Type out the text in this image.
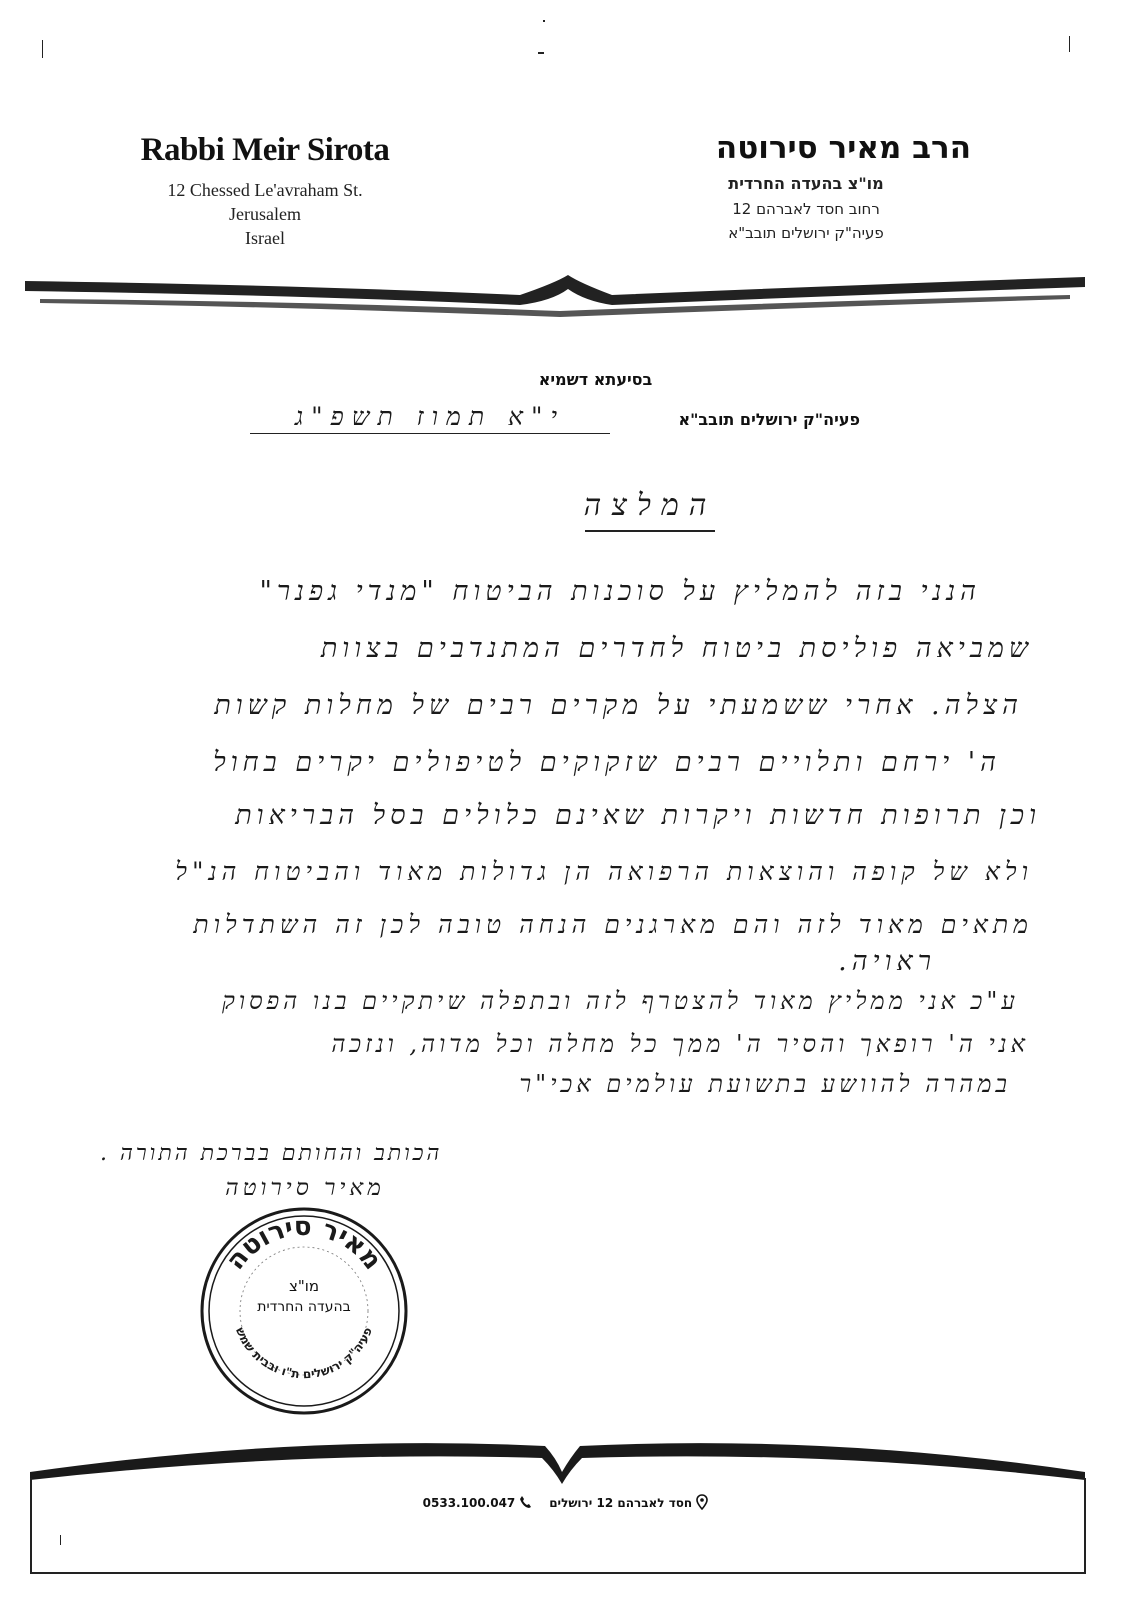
Rabbi Meir Sirota
12 Chessed Le'avraham St.
Jerusalem
Israel
הרב מאיר סירוטה
מו"צ בהעדה החרדית
רחוב חסד לאברהם 12
פעיה"ק ירושלים תובב"א
בסיעתא דשמיא
פעיה"ק ירושלים תובב"א
י"א תמוז תשפ"ג
המלצה
הנני בזה להמליץ על סוכנות הביטוח "מנדי גפנר"
שמביאה פוליסת ביטוח לחדרים המתנדבים בצוות
הצלה. אחרי ששמעתי על מקרים רבים של מחלות קשות
ה' ירחם ותלויים רבים שזקוקים לטיפולים יקרים בחול
וכן תרופות חדשות ויקרות שאינם כלולים בסל הבריאות
ולא של קופה והוצאות הרפואה הן גדולות מאוד והביטוח הנ"ל
מתאים מאוד לזה והם מארגנים הנחה טובה לכן זה השתדלות
ראויה.
ע"כ אני ממליץ מאוד להצטרף לזה ובתפלה שיתקיים בנו הפסוק
אני ה' רופאך והסיר ה' ממך כל מחלה וכל מדוה, ונזכה
במהרה להוושע בתשועת עולמים אכי"ר
הכותב והחותם בברכת התורה .
מאיר סירוטה
מאיר סירוטה
פעיה"ק ירושלים ת"ו ובבית שמש
מו"צ
בהעדה החרדית
חסד לאברהם 12 ירושלים     0533.100.047
